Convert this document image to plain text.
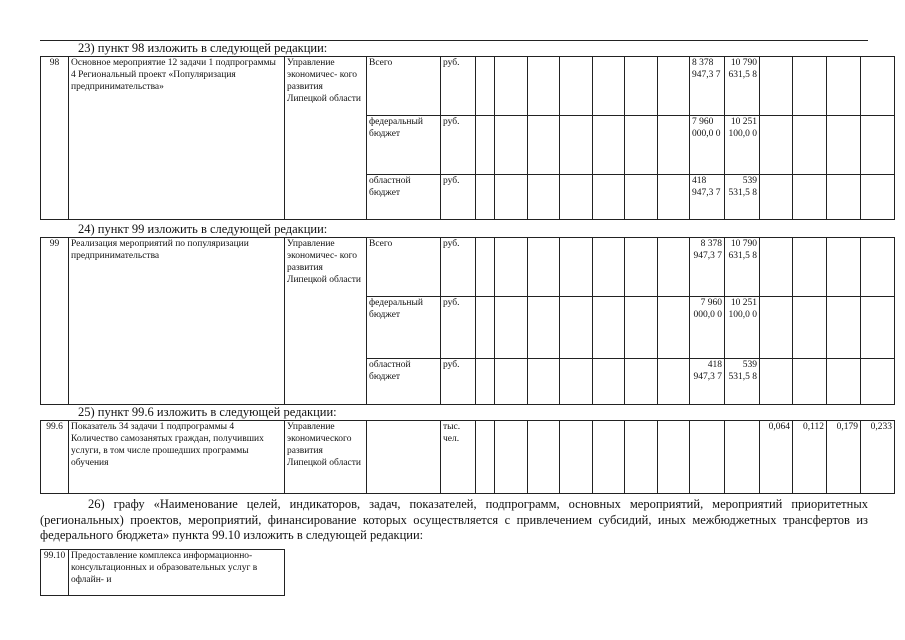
23) пункт 98 изложить в следующей редакции:
98	Основное мероприятие 12 задачи 1 подпрограммы 4 Региональный проект «Популяризация предпринимательства»	Управление экономичес- кого развития Липецкой области	Всего	руб.								8 378 947,3 7	10 790 631,5 8				
			федеральный бюджет	руб.								7 960 000,0 0	10 251 100,0 0				
			областной бюджет	руб.								418 947,3 7	539 531,5 8				
24) пункт 99 изложить в следующей редакции:
99	Реализация мероприятий по популяризации предпринимательства	Управление экономичес- кого развития Липецкой области	Всего	руб.								8 378 947,3 7	10 790 631,5 8				
			федеральный бюджет	руб.								7 960 000,0 0	10 251 100,0 0				
			областной бюджет	руб.								418 947,3 7	539 531,5 8				
25) пункт 99.6 изложить в следующей редакции:
99.6	Показатель 34 задачи 1 подпрограммы 4 Количество самозанятых граждан, получивших услуги, в том числе прошедших программы обучения	Управление экономического развития Липецкой области		тыс. чел.										0,064	0,112	0,179	0,233
26) графу «Наименование целей, индикаторов, задач, показателей, подпрограмм, основных мероприятий, мероприятий приоритетных (региональных) проектов, мероприятий, финансирование которых осуществляется с привлечением субсидий, иных межбюджетных трансфертов из федерального бюджета» пункта 99.10 изложить в следующей редакции:
99.10	Предоставление комплекса информационно-консультационных и образовательных услуг в офлайн- и
